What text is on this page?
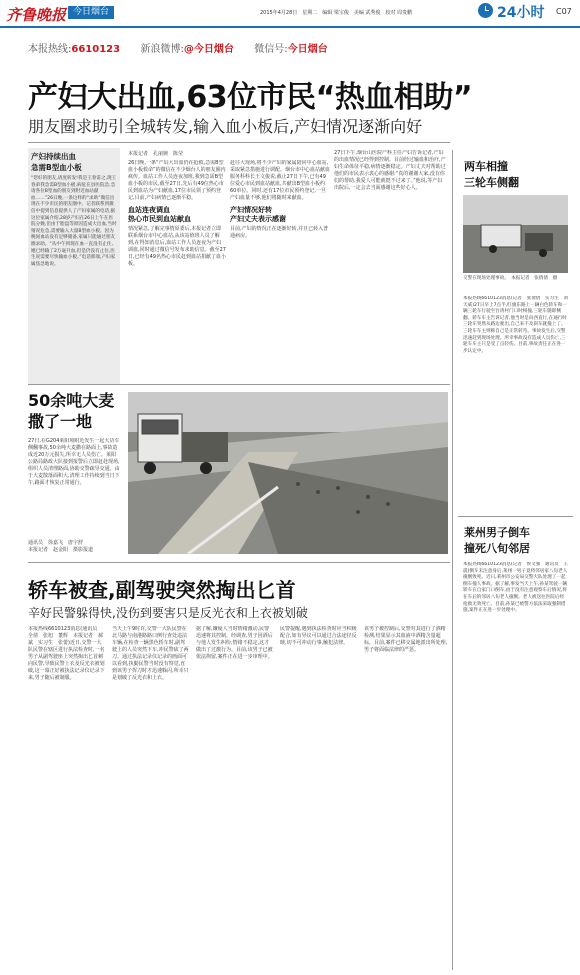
齐鲁晚报 今日烟台	2015年4月28日　星期二　编辑 梁宝俊　美编 武秀俊　校对 周贵鹏	24小时 C07
本报热线:6610123 新浪微博:@今日烟台 微信号:今日烟台
产妇大出血,63位市民“热血相助”
朋友圈求助引全城转发,输入血小板后,产妇情况逐渐向好
产妇持续出血
急需B型血小板
“您好的朋友,请度转发!我是王春雷之,现王春弟我急需B型血小板,病危在县医院急,急请各位B型血的朋友到附近血站献血……”26日晚,一条这样的“求助”微信出现在不少市民的朋友圈中。记者联系到微信中提到信息提供人了产妇家属的电话,据这位家属介绍,28岁产妇在26日上午在医院分娩,但由于胎盘等原因造成大出血,当时情况危急,需要输入大量B型血小板。因为晚间血站没有足够储备,家属只能通过朋友圈求助。“从中午到现在血一直没有止住,她已经输了2万毫升血,但是仍没有止住,医生说需要尽快输血小板。”电话那端,产妇家属焦急地说。
本报记者　孔丽婉　陈莹
26日晚,一条“产妇大出血仍在抢救,急需B型血小板救命”的微信在不少烟台人的朋友圈内疯传。血站工作人员连夜加班,我到急需B型血小板的市民,截至27日,先后有49位热心市民到血站为产妇献血,17位市民领了预约登记,目前,产妇病情已逐渐平稳。
血站连夜调血
热心市民到血站献血
情况紧急,了解完事情原委后,本报记者立即联系烟台市中心血站,从该站值班人员了解到,在得知消息后,血站工作人员连夜为产妇调血,同时通过微信号发布求助信息。截至27日,已经有49名热心市民赶到血站捐献了血小板。
赶往大现场,将不少产妇的家属陪同中心血站,采取紧急措施进行调配。烟台市中心血站献血服务科科长王文俊说,截止27日下午,已有49位爱心市民到血站献血,共献出B型血小板约60单位。同时,还有17位市民预约登记,一旦产妇血量不够,他们将随时来献血。
产妇情况好转
产妇丈夫表示感谢
目前,产妇的情况正在逐渐好转,并且已转入普通病房。
27日下午,烟台山医院产科主任产妇告诉记者,产妇的出血情况已经得到控制。目前经过输血和治疗,产妇生命体征平稳,病情逐渐稳定。产妇丈夫对帮助过他们的市民表示衷心的感谢:“真的谢谢大家,没有你们的帮助,我爱人可能就挺不过来了。”他说,等产妇出院后,一定会去当面感谢这些好心人。
50余吨大麦撒了一地
27日,在G204莱阳境附近发生一起大货车侧翻事故,50余吨大麦撒在路面上,事故造成近20万元损失,所幸无人员伤亡。莱阳公路局路政大队接到报警后立即赶赴现场,组织人员清理路面,协助交警疏导交通。由于大麦散落面积大,清理工作持续到当日下午,路面才恢复正常通行。
通讯员　徐嘉飞　唐宇舒
本报记者　赵金阳　摄影报道
两车相撞
三轮车侧翻
交警在现场处理事故。　本报记者　张倩倩　摄
本报热线6610123消息(记者　张倩倩　实习生　刘天威)27日早上7点半,红旗东路上一辆白色轿车和一辆三轮车行驶至台湾村门口时相撞,三轮车随即侧翻。轿车车主告诉记者,他当时是向西直行,在通行时三轮车突然从路边驶出,自己来不及刹车就撞上了。三轮车车主则称自己是正常转弯。事故发生后,交警迅速赶到现场处理。所幸事故没有造成人员伤亡,三轮车车主只是受了点轻伤。目前,事故责任正在进一步认定中。
莱州男子倒车
撞死八旬邻居
本报热线6610123消息(记者　侯文强　通讯员　王震)倒车未注意身后,莱州一男子竟将邻居家八旬老人撞倒致死。近日,莱州市公安局交警大队处理了一起倒车撞人事故。据了解,事发当天上午,孙某驾驶一辆轿车在自家门口倒车,由于没有注意观察车后情况,将在车后的邻居八旬老人撞倒。老人被送往医院后经抢救无效死亡。目前,孙某已被警方依法采取强制措施,案件正在进一步处理中。
轿车被查,副驾驶突然掏出匕首
辛好民警躲得快,没伤到要害只是反光衣和上衣被划破
本报热线6610123消息(通讯员　全倩　张旭　董辉　本报记者　郝斌　实习生　张蕾)近日,交警一大队民警在辖区进行执法检查时,一名男子从副驾驶座上突然掏出匕首刺向民警,导致民警上衣及反光衣被划破,这一幕正好被执法记录仪记录下来,男子随后被制服。
当天上午9时许,交警一大队民警在北马路与南港路路口例行查处违法车辆,在检查一辆黑色轿车时,副驾驶上的人员突然下车,冲民警砍了两刀。通过执法记录仪记录的画面可以看到,执勤民警当时没有察觉,直到该男子挥刀时才迅速躲闪,所幸只是划破了反光衣和上衣。
据了解,嫌疑人当时情绪激动,民警迅速将其控制。经调查,男子因酒后与他人发生纠纷,情绪不稳定,这才做出了过激行为。目前,该男子已被依法拘留,案件正在进一步审理中。
民警提醒,遇到执法检查时应当积极配合,如有异议可以通过合法途径反映,切不可冲动行事,触犯法律。
该男子被控制后,交警对其进行了酒精检测,结果显示其血液中酒精含量超标。目前,案件已移交属地派出所处理,男子将面临法律的严惩。
